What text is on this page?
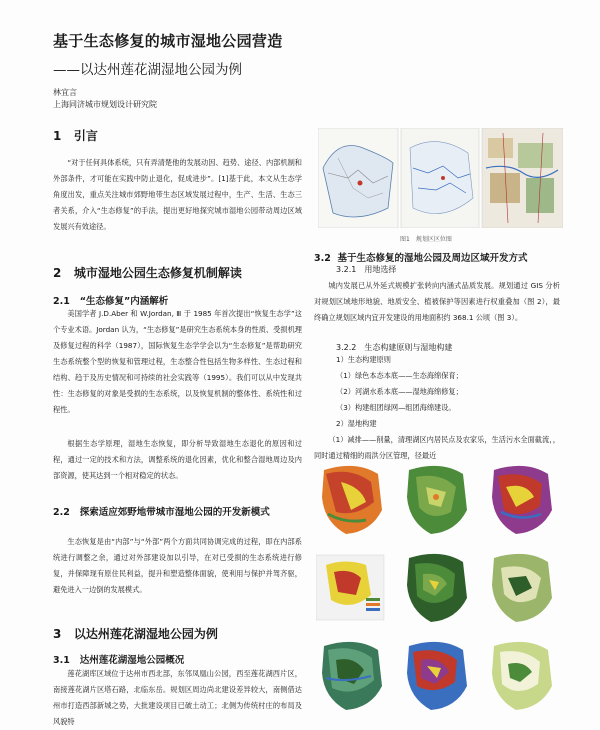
基于生态修复的城市湿地公园营造
——以达州莲花湖湿地公园为例
林宜言
上海同济城市规划设计研究院
1 引言

“对于任何具体系统，只有弄清楚他的发展动因、趋势、途径、内部机制和外部条件，才可能在实践中防止退化，促成进步”。[1]基于此，本文从生态学角度出发，重点关注城市郊野地带生态区域发展过程中，生产、生活、生态三者关系，介入“生态修复”的手法，提出更好地探究城市湿地公园带动周边区域发展兴有效途径。

2 城市湿地公园生态修复机制解读
2.1 “生态修复”内涵解析

美国学者 J.D.Aber 和 W.Jordan, Ⅲ 于 1985 年首次提出“恢复生态学”这个专业术语。Jordan 认为，“生态修复”是研究生态系统本身的性质、受损机理及修复过程的科学（1987），国际恢复生态学学会以为“生态修复”是帮助研究生态系统整个型的恢复和管理过程，生态整合性包括生物多样性、生态过程和结构、趋于及历史情况和可持续的社会实践等（1995）。我们可以从中发现共性：生态修复的对象是受损的生态系统，以及恢复机制的整体性、系统性和过程性。

根据生态学原理，湿地生态恢复，即分析导致湿地生态退化的原因和过程，通过一定的技术和方法，调整系统的退化因素，优化和整合湿地周边及内部资源，使其达到一个相对稳定的状态。

2.2 探索适应郊野地带城市湿地公园的开发新模式

生态恢复是由“内部”与“外部”两个方面共同协调完成的过程，即在内部系统进行调整之余，通过对外部建设加以引导，在对已受损的生态系统进行修复，并保障现有原住民利益，提升和塑造整体面貌，使利用与保护并驾齐驱，避免进入一边倒的发展模式。

3 以达州莲花湖湿地公园为例
3.1 达州莲花湖湿地公园概况

莲花湖库区域位于达州市西北部，东邻凤凰山公园，西至莲花湖西片区，南接莲花湖片区塔石路，北临东岳。规划区周边尚北建设差异较大，南侧借达州市打造西部新城之势，大批建设项目已破土动工；北侧为传统村庄的布局及风貌特

图1　规划区区位图
3.2 基于生态修复的湿地公园及周边区域开发方式
3.2.1　用地选择

城内发展已从外延式规模扩张转向内涵式品质发展。规划通过 GIS 分析对规划区域地形地貌、地质安全、植被保护等因素进行权重叠加（图 2），最终确立规划区域内宜开发建设的用地面积约 368.1 公顷（图 3）。

3.2.2　生态构建原则与湿地构建
1）生态构建原则
（1）绿色本态本底——生态海绵保育；
（2）河湖水系本底——湿地海绵修复；
（3）构建组团绿网—组团海绵建设。
2）湿地构建

（1）减排——削量，清理湖区内居民点及农家乐，生活污水全面截流，，同时通过精细的雨洪分区管理，径最近
